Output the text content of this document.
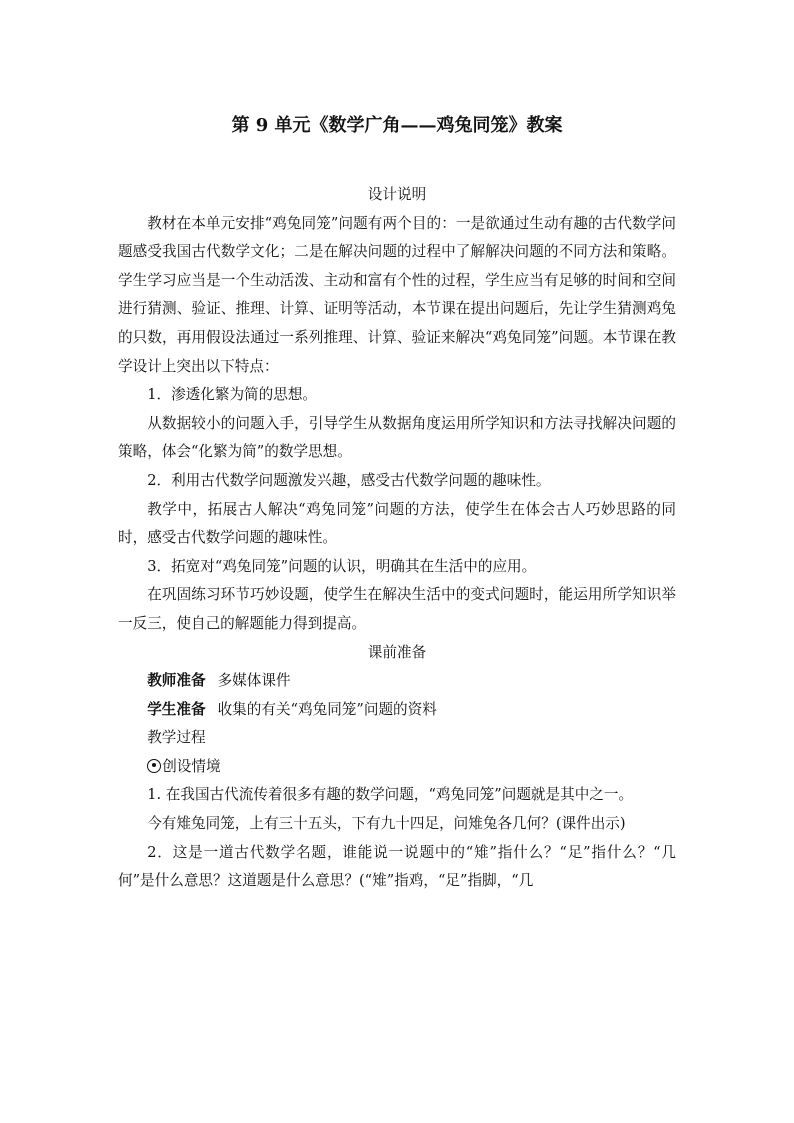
第 9 单元《数学广角——鸡兔同笼》教案

设计说明

教材在本单元安排“鸡兔同笼”问题有两个目的：一是欲通过生动有趣的古代数学问题感受我国古代数学文化；二是在解决问题的过程中了解解决问题的不同方法和策略。学生学习应当是一个生动活泼、主动和富有个性的过程，学生应当有足够的时间和空间进行猜测、验证、推理、计算、证明等活动，本节课在提出问题后，先让学生猜测鸡兔的只数，再用假设法通过一系列推理、计算、验证来解决“鸡兔同笼”问题。本节课在教学设计上突出以下特点：

1．渗透化繁为简的思想。

从数据较小的问题入手，引导学生从数据角度运用所学知识和方法寻找解决问题的策略，体会“化繁为简”的数学思想。

2．利用古代数学问题激发兴趣，感受古代数学问题的趣味性。

教学中，拓展古人解决“鸡兔同笼”问题的方法，使学生在体会古人巧妙思路的同时，感受古代数学问题的趣味性。

3．拓宽对“鸡兔同笼”问题的认识，明确其在生活中的应用。

在巩固练习环节巧妙设题，使学生在解决生活中的变式问题时，能运用所学知识举一反三，使自己的解题能力得到提高。

课前准备

教师准备 多媒体课件

学生准备 收集的有关“鸡兔同笼”问题的资料

教学过程

创设情境

1. 在我国古代流传着很多有趣的数学问题，“鸡兔同笼”问题就是其中之一。

今有雉兔同笼，上有三十五头，下有九十四足，问雉兔各几何？(课件出示)

2．这是一道古代数学名题，谁能说一说题中的“雉”指什么？“足”指什么？“几何”是什么意思？这道题是什么意思？(“雉”指鸡，“足”指脚，“几
